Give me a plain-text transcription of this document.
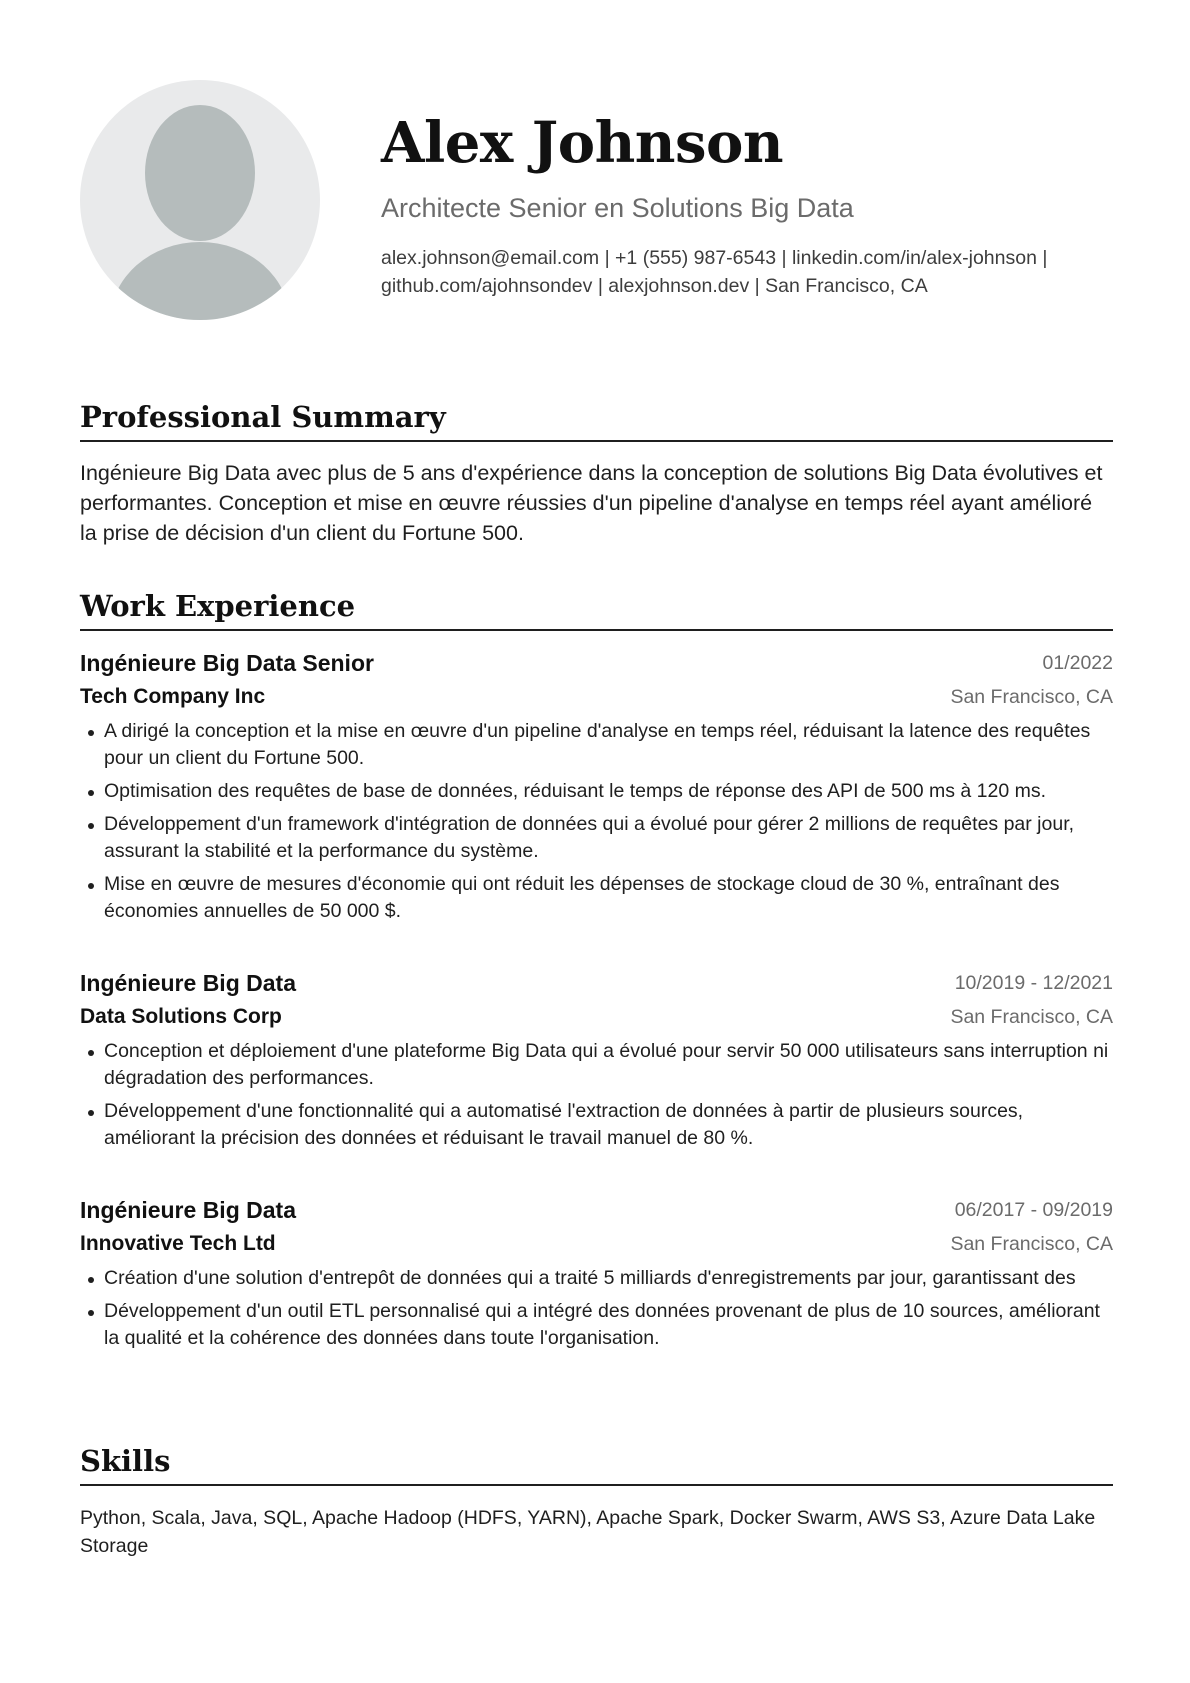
Alex Johnson
Architecte Senior en Solutions Big Data
alex.johnson@email.com | +1 (555) 987-6543 | linkedin.com/in/alex-johnson |
github.com/ajohnsondev | alexjohnson.dev | San Francisco, CA
Professional Summary

Ingénieure Big Data avec plus de 5 ans d'expérience dans la conception de solutions Big Data évolutives et performantes. Conception et mise en œuvre réussies d'un pipeline d'analyse en temps réel ayant amélioré la prise de décision d'un client du Fortune 500.

Work Experience
Ingénieure Big Data Senior	01/2022
Tech Company Inc	San Francisco, CA
A dirigé la conception et la mise en œuvre d'un pipeline d'analyse en temps réel, réduisant la latence des requêtes pour un client du Fortune 500.
Optimisation des requêtes de base de données, réduisant le temps de réponse des API de 500 ms à 120 ms.
Développement d'un framework d'intégration de données qui a évolué pour gérer 2 millions de requêtes par jour, assurant la stabilité et la performance du système.
Mise en œuvre de mesures d'économie qui ont réduit les dépenses de stockage cloud de 30 %, entraînant des économies annuelles de 50 000 $.
Ingénieure Big Data	10/2019 - 12/2021
Data Solutions Corp	San Francisco, CA
Conception et déploiement d'une plateforme Big Data qui a évolué pour servir 50 000 utilisateurs sans interruption ni dégradation des performances.
Développement d'une fonctionnalité qui a automatisé l'extraction de données à partir de plusieurs sources, améliorant la précision des données et réduisant le travail manuel de 80 %.
Ingénieure Big Data	06/2017 - 09/2019
Innovative Tech Ltd	San Francisco, CA
Création d'une solution d'entrepôt de données qui a traité 5 milliards d'enregistrements par jour, garantissant des
Développement d'un outil ETL personnalisé qui a intégré des données provenant de plus de 10 sources, améliorant la qualité et la cohérence des données dans toute l'organisation.
Skills

Python, Scala, Java, SQL, Apache Hadoop (HDFS, YARN), Apache Spark, Docker Swarm, AWS S3, Azure Data Lake Storage
